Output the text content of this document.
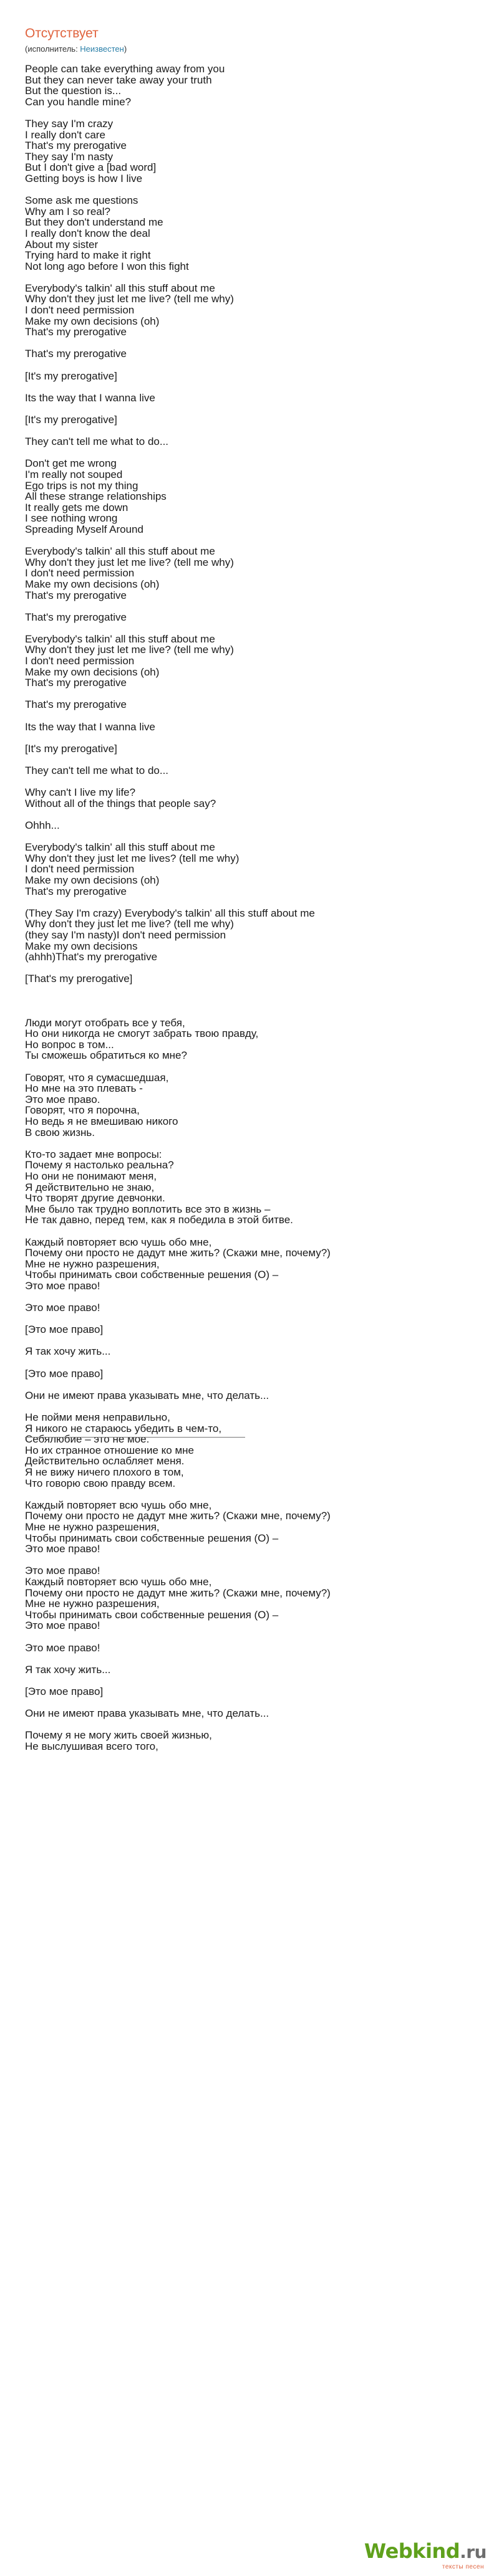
Отсутствует
(исполнитель: Неизвестен)
People can take everything away from you
But they can never take away your truth
But the question is...
Can you handle mine?
They say I'm crazy
I really don't care
That's my prerogative
They say I'm nasty
But I don't give a [bad word]
Getting boys is how I live
Some ask me questions
Why am I so real?
But they don't understand me
I really don't know the deal
About my sister
Trying hard to make it right
Not long ago before I won this fight
Everybody's talkin' all this stuff about me
Why don't they just let me live? (tell me why)
I don't need permission
Make my own decisions (oh)
That's my prerogative
That's my prerogative
[It's my prerogative]
Its the way that I wanna live
[It's my prerogative]
They can't tell me what to do...
Don't get me wrong
I'm really not souped
Ego trips is not my thing
All these strange relationships
It really gets me down
I see nothing wrong
Spreading Myself Around
Everybody's talkin' all this stuff about me
Why don't they just let me live? (tell me why)
I don't need permission
Make my own decisions (oh)
That's my prerogative
That's my prerogative
Everybody's talkin' all this stuff about me
Why don't they just let me live? (tell me why)
I don't need permission
Make my own decisions (oh)
That's my prerogative
That's my prerogative
Its the way that I wanna live
[It's my prerogative]
They can't tell me what to do...
Why can't I live my life?
Without all of the things that people say?
Ohhh...
Everybody's talkin' all this stuff about me
Why don't they just let me lives? (tell me why)
I don't need permission
Make my own decisions (oh)
That's my prerogative
(They Say I'm crazy) Everybody's talkin' all this stuff about me
Why don't they just let me live? (tell me why)
(they say I'm nasty)I don't need permission
Make my own decisions
(ahhh)That's my prerogative
[That's my prerogative]
Люди могут отобрать все у тебя,
Но они никогда не смогут забрать твою правду,
Но вопрос в том...
Ты сможешь обратиться ко мне?
Говорят, что я сумасшедшая,
Но мне на это плевать -
Это мое право.
Говорят, что я порочна,
Но ведь я не вмешиваю никого
В свою жизнь.
Кто-то задает мне вопросы:
Почему я настолько реальна?
Но они не понимают меня,
Я действительно не знаю,
Что творят другие девчонки.
Мне было так трудно воплотить все это в жизнь –
Не так давно, перед тем, как я победила в этой битве.
Каждый повторяет всю чушь обо мне,
Почему они просто не дадут мне жить? (Скажи мне, почему?)
Мне не нужно разрешения,
Чтобы принимать свои собственные решения (О) –
Это мое право!
Это мое право!
[Это мое право]
Я так хочу жить...
[Это мое право]
Они не имеют права указывать мне, что делать...
Не пойми меня неправильно,
Я никого не стараюсь убедить в чем-то,
Себялюбие – это не мое.
Но их странное отношение ко мне
Действительно ослабляет меня.
Я не вижу ничего плохого в том,
Что говорю свою правду всем.
Каждый повторяет всю чушь обо мне,
Почему они просто не дадут мне жить? (Скажи мне, почему?)
Мне не нужно разрешения,
Чтобы принимать свои собственные решения (О) –
Это мое право!
Это мое право!
Каждый повторяет всю чушь обо мне,
Почему они просто не дадут мне жить? (Скажи мне, почему?)
Мне не нужно разрешения,
Чтобы принимать свои собственные решения (О) –
Это мое право!
Это мое право!
Я так хочу жить...
[Это мое право]
Они не имеют права указывать мне, что делать...
Почему я не могу жить своей жизнью,
Не выслушивая всего того,
Webkind.ru
тексты песен
